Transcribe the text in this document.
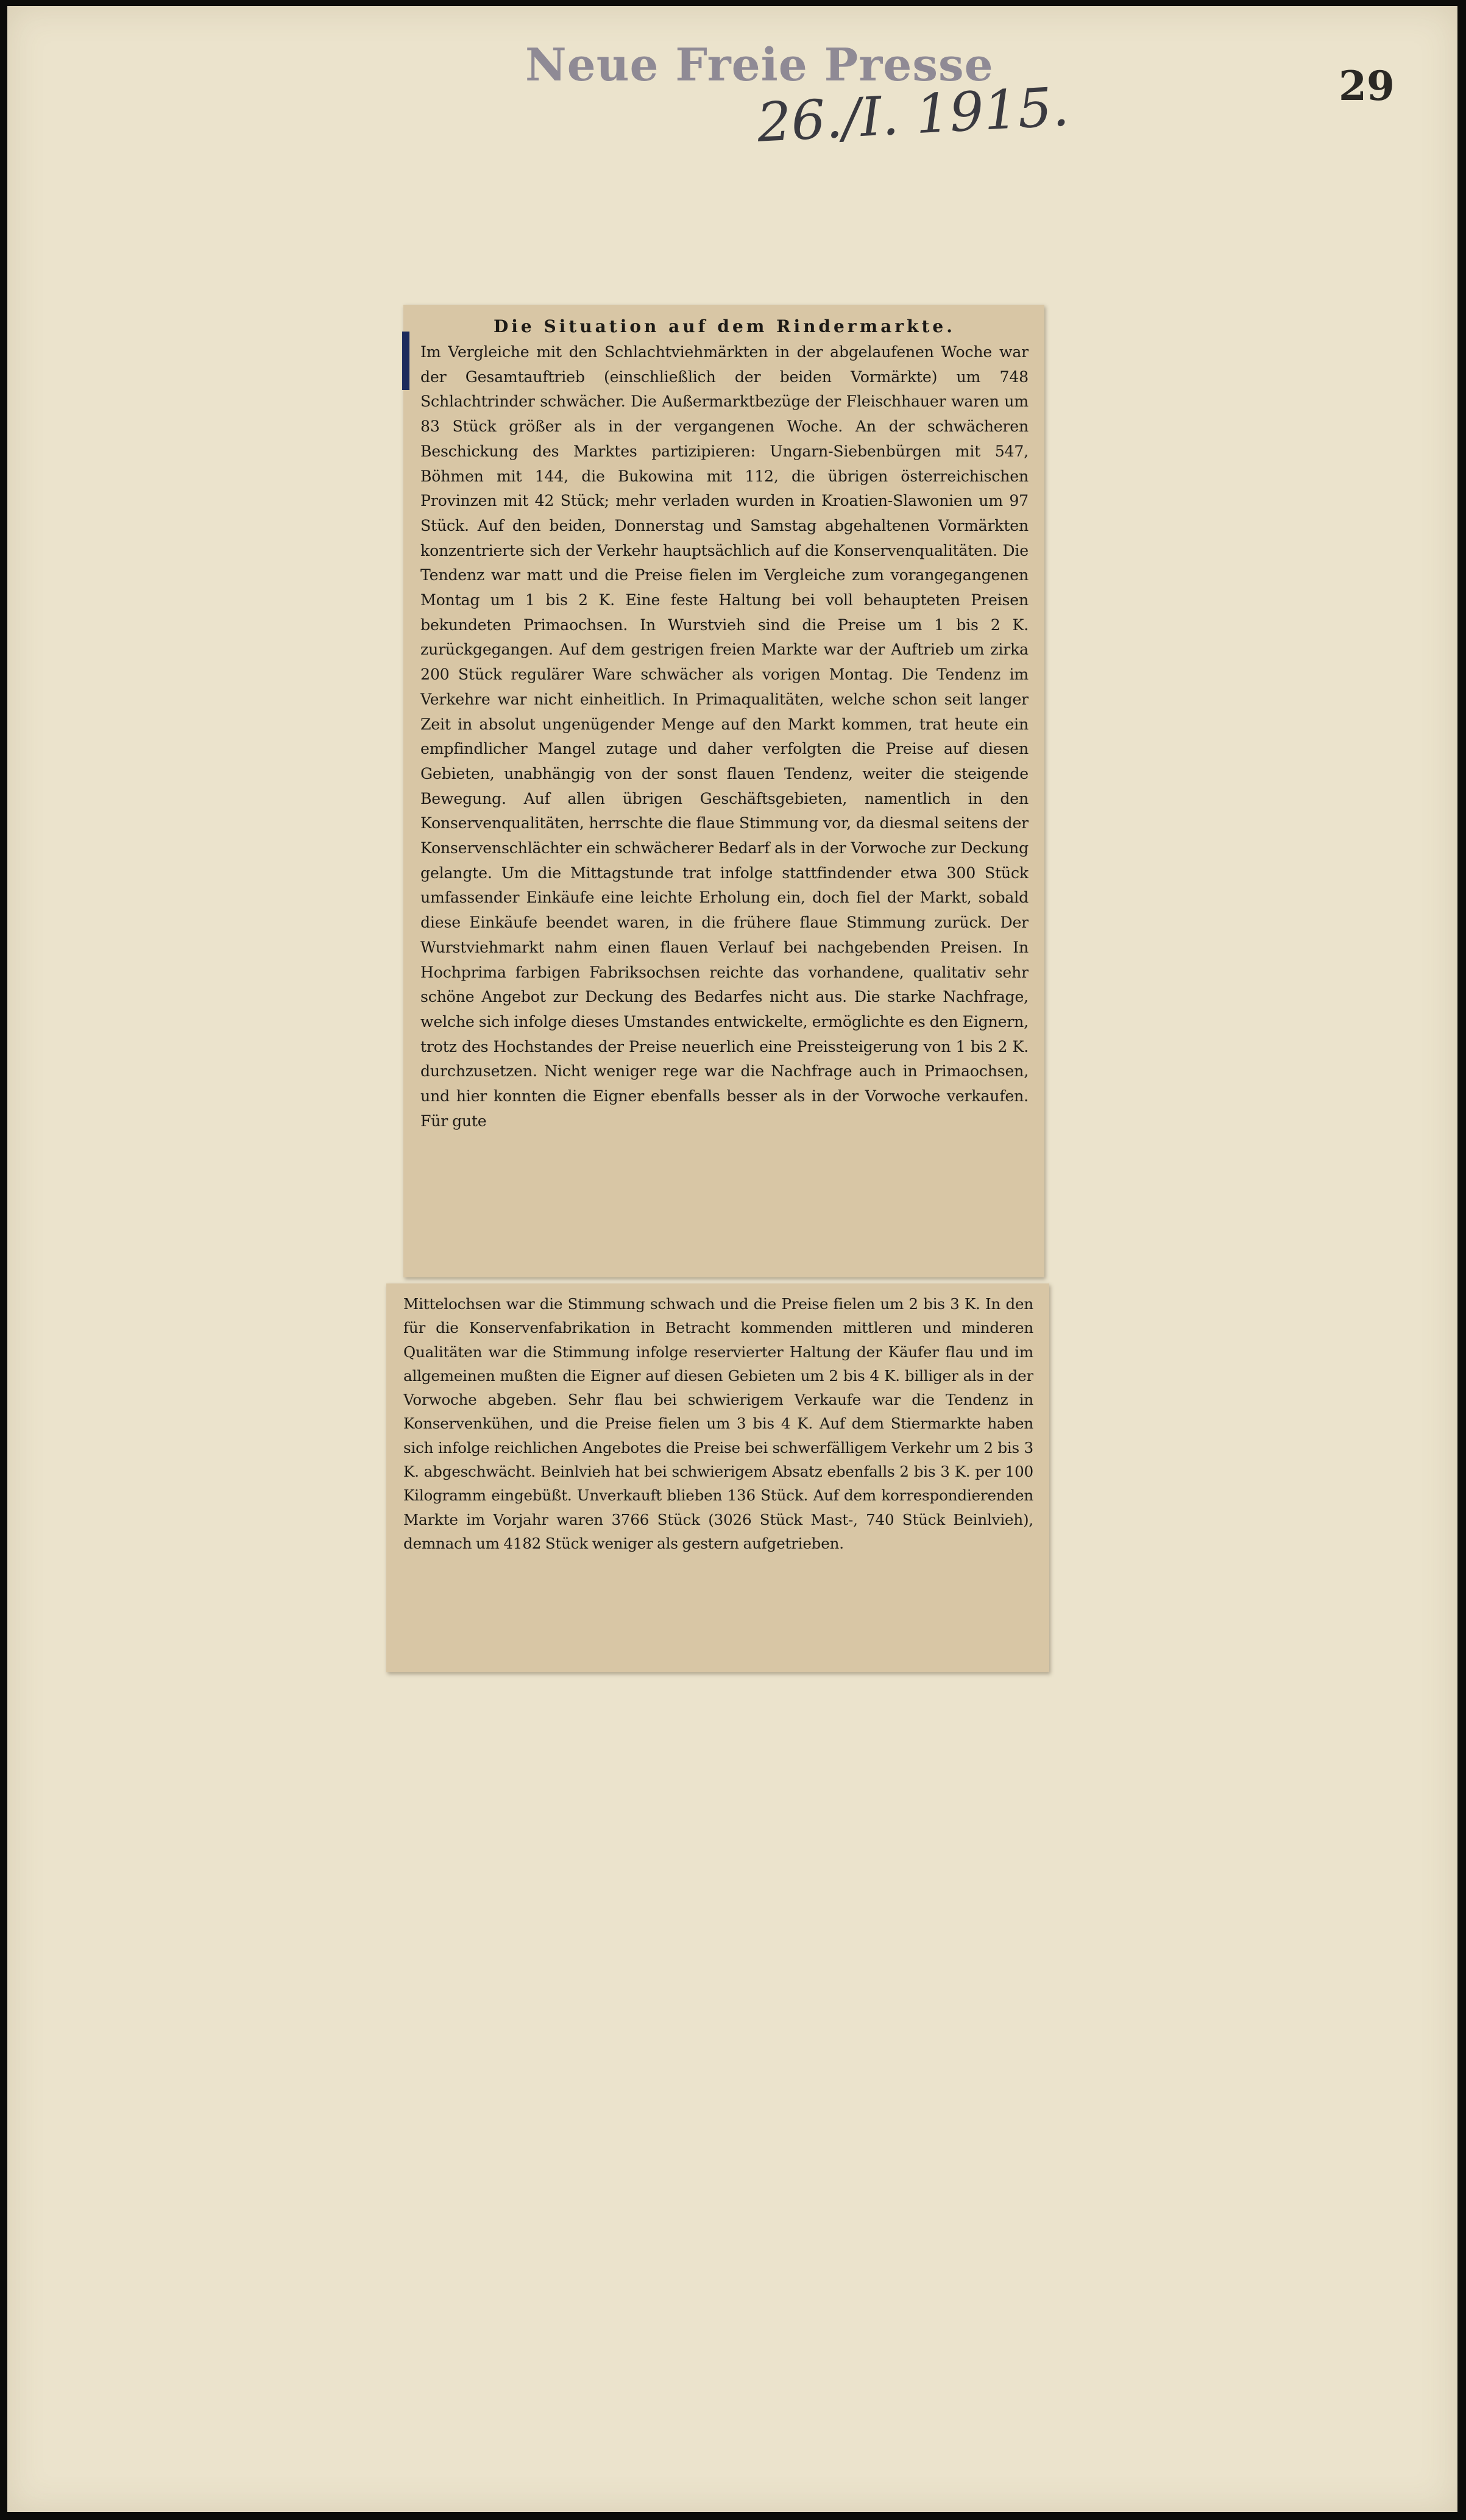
Neue Freie Presse	29
26./I. 1915.

Die Situation auf dem Rindermarkte.

Im Vergleiche mit den Schlachtviehmärkten in der abgelaufenen Woche war der Gesamtauftrieb (einschließlich der beiden Vormärkte) um 748 Schlachtrinder schwächer. Die Außermarktbezüge der Fleischhauer waren um 83 Stück größer als in der vergangenen Woche. An der schwächeren Beschickung des Marktes partizipieren: Ungarn-Siebenbürgen mit 547, Böhmen mit 144, die Bukowina mit 112, die übrigen österreichischen Provinzen mit 42 Stück; mehr verladen wurden in Kroatien-Slawonien um 97 Stück. Auf den beiden, Donnerstag und Samstag abgehaltenen Vormärkten konzentrierte sich der Verkehr hauptsächlich auf die Konservenqualitäten. Die Tendenz war matt und die Preise fielen im Vergleiche zum vorangegangenen Montag um 1 bis 2 K. Eine feste Haltung bei voll behaupteten Preisen bekundeten Primaochsen. In Wurstvieh sind die Preise um 1 bis 2 K. zurückgegangen. Auf dem gestrigen freien Markte war der Auftrieb um zirka 200 Stück regulärer Ware schwächer als vorigen Montag. Die Tendenz im Verkehre war nicht einheitlich. In Primaqualitäten, welche schon seit langer Zeit in absolut ungenügender Menge auf den Markt kommen, trat heute ein empfindlicher Mangel zutage und daher verfolgten die Preise auf diesen Gebieten, unabhängig von der sonst flauen Tendenz, weiter die steigende Bewegung. Auf allen übrigen Geschäftsgebieten, namentlich in den Konservenqualitäten, herrschte die flaue Stimmung vor, da diesmal seitens der Konservenschlächter ein schwächerer Bedarf als in der Vorwoche zur Deckung gelangte. Um die Mittagstunde trat infolge stattfindender etwa 300 Stück umfassender Einkäufe eine leichte Erholung ein, doch fiel der Markt, sobald diese Einkäufe beendet waren, in die frühere flaue Stimmung zurück. Der Wurstviehmarkt nahm einen flauen Verlauf bei nachgebenden Preisen. In Hochprima farbigen Fabriksochsen reichte das vorhandene, qualitativ sehr schöne Angebot zur Deckung des Bedarfes nicht aus. Die starke Nachfrage, welche sich infolge dieses Umstandes entwickelte, ermöglichte es den Eignern, trotz des Hochstandes der Preise neuerlich eine Preissteigerung von 1 bis 2 K. durchzusetzen. Nicht weniger rege war die Nachfrage auch in Primaochsen, und hier konnten die Eigner ebenfalls besser als in der Vorwoche verkaufen. Für gute

Mittelochsen war die Stimmung schwach und die Preise fielen um 2 bis 3 K. In den für die Konservenfabrikation in Betracht kommenden mittleren und minderen Qualitäten war die Stimmung infolge reservierter Haltung der Käufer flau und im allgemeinen mußten die Eigner auf diesen Gebieten um 2 bis 4 K. billiger als in der Vorwoche abgeben. Sehr flau bei schwierigem Verkaufe war die Tendenz in Konservenkühen, und die Preise fielen um 3 bis 4 K. Auf dem Stiermarkte haben sich infolge reichlichen Angebotes die Preise bei schwerfälligem Verkehr um 2 bis 3 K. abgeschwächt. Beinlvieh hat bei schwierigem Absatz ebenfalls 2 bis 3 K. per 100 Kilogramm eingebüßt. Unverkauft blieben 136 Stück. Auf dem korrespondierenden Markte im Vorjahr waren 3766 Stück (3026 Stück Mast-, 740 Stück Beinlvieh), demnach um 4182 Stück weniger als gestern aufgetrieben.
